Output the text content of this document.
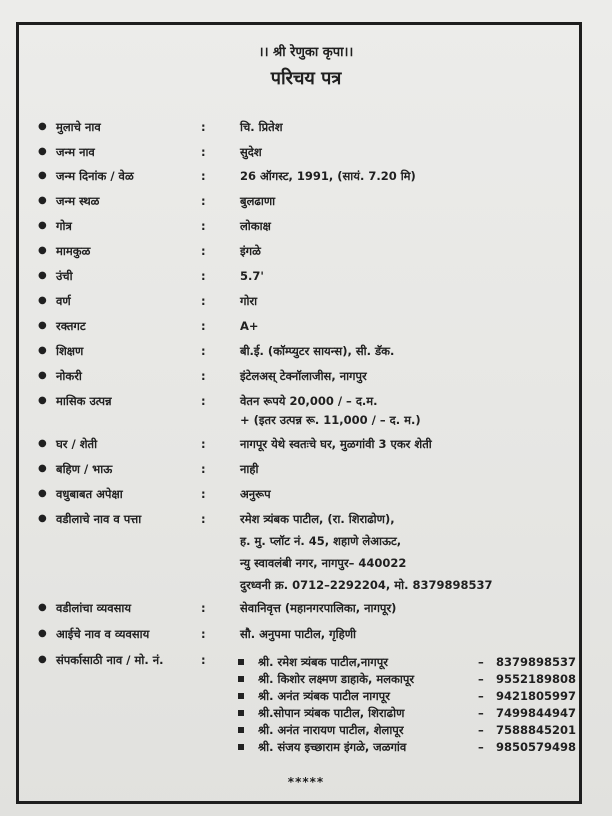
।। श्री रेणुका कृपा।।
परिचय पत्र
● मुलाचे नाव	:	चि. प्रितेश
● जन्म नाव	:	सुदेश
● जन्म दिनांक / वेळ	:	26 ऑगस्ट, 1991, (सायं. 7.20 मि)
● जन्म स्थळ	:	बुलढाणा
● गोत्र	:	लोकाक्ष
● मामकुळ	:	इंगळे
● उंची	:	5.7'
● वर्ण	:	गोरा
● रक्तगट	:	A+
● शिक्षण	:	बी.ई. (कॉम्प्युटर सायन्स), सी. डॅक.
● नोकरी	:	इंटेलअस् टेक्नॉलाजीस, नागपुर
● मासिक उत्पन्न	:	वेतन रूपये 20,000 / – द.म.
+ (इतर उत्पन्न रू. 11,000 / – द. म.)
● घर / शेती	:	नागपूर येथे स्वतःचे घर, मुळगांवी 3 एकर शेती
● बहिण / भाऊ	:	नाही
● वधुबाबत अपेक्षा	:	अनुरूप
● वडीलाचे नाव व पत्ता	:	रमेश त्र्यंबक पाटील, (रा. शिराढोण),
ह. मु. प्लॉट नं. 45, शहाणे लेआऊट,
न्यु स्वावलंबी नगर, नागपुर– 440022
दुरध्वनी क्र. 0712–2292204, मो. 8379898537
● वडीलांचा व्यवसाय	:	सेवानिवृत्त (महानगरपालिका, नागपूर)
● आईचे नाव व व्यवसाय	:	सौ. अनुपमा पाटील, गृहिणी
● संपर्कासाठी नाव / मो. नं.	:	श्री. रमेश त्र्यंबक पाटील,नागपूर	– 8379898537
श्री. किशोर लक्ष्मण डाहाके, मलकापूर	– 9552189808
श्री. अनंत त्र्यंबक पाटील नागपूर	– 9421805997
श्री.सोपान त्र्यंबक पाटील, शिराढोण	– 7499844947
श्री. अनंत नारायण पाटील, शेलापूर	– 7588845201
श्री. संजय इच्छाराम इंगळे, जळगांव	– 9850579498
*****
